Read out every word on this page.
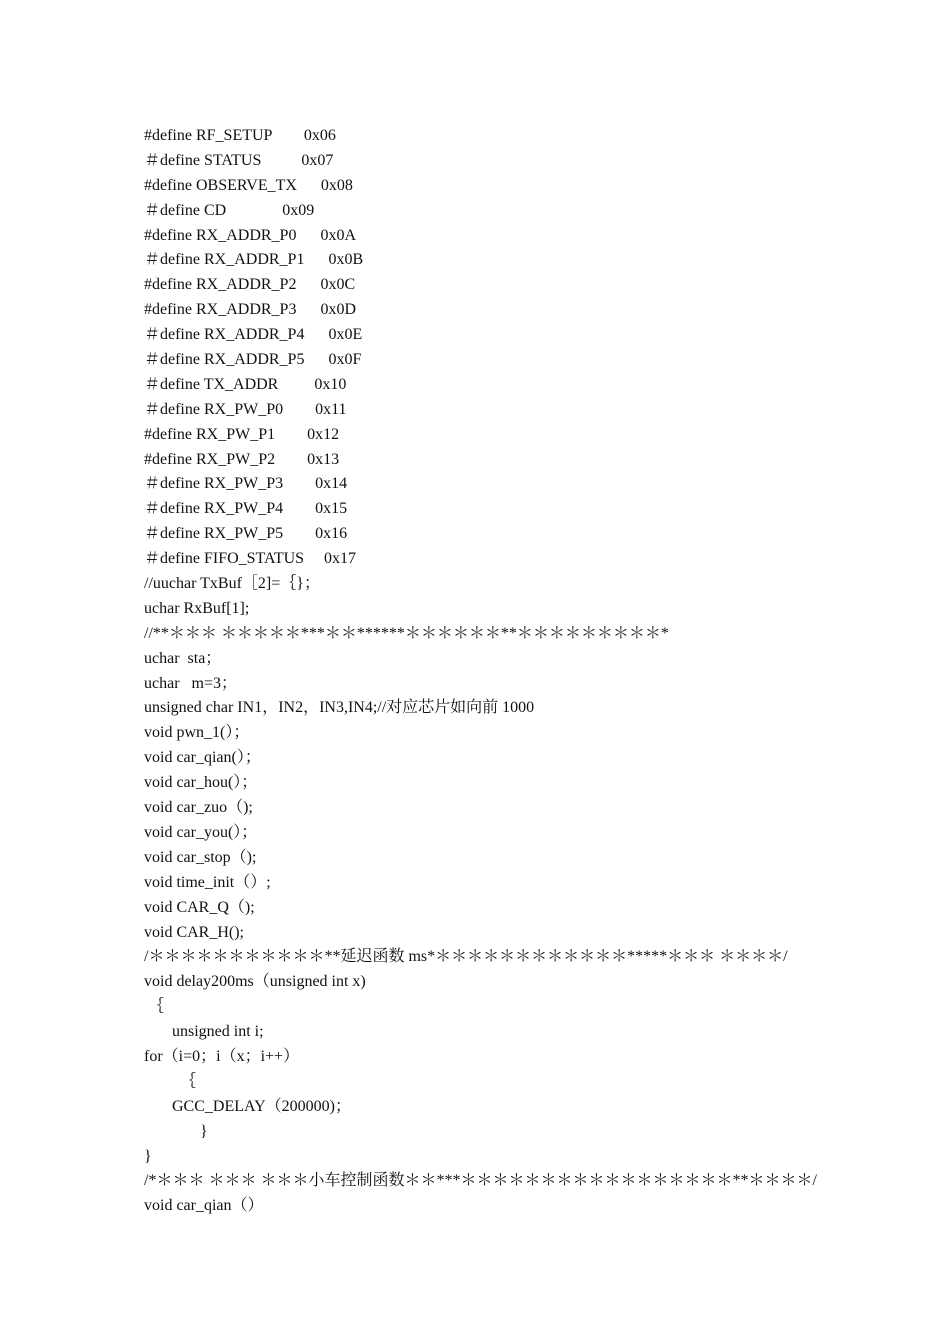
#define RF_SETUP        0x06
＃define STATUS          0x07
#define OBSERVE_TX      0x08
＃define CD              0x09
#define RX_ADDR_P0      0x0A
＃define RX_ADDR_P1      0x0B
#define RX_ADDR_P2      0x0C
#define RX_ADDR_P3      0x0D
＃define RX_ADDR_P4      0x0E
＃define RX_ADDR_P5      0x0F
＃define TX_ADDR         0x10
＃define RX_PW_P0        0x11
#define RX_PW_P1        0x12
#define RX_PW_P2        0x13
＃define RX_PW_P3        0x14
＃define RX_PW_P4        0x15
＃define RX_PW_P5        0x16
＃define FIFO_STATUS     0x17
//uuchar TxBuf［2]=｛}；
uchar RxBuf[1];
//**＊＊＊ ＊＊＊＊＊***＊＊******＊＊＊＊＊＊**＊＊＊＊＊＊＊＊＊*
uchar  sta；
uchar   m=3；
unsigned char IN1，IN2，IN3,IN4;//对应芯片如向前 1000
void pwn_1(）；
void car_qian(）；
void car_hou(）；
void car_zuo（);
void car_you(）；
void car_stop（);
void time_init（）;
void CAR_Q（);
void CAR_H();
/＊＊＊＊＊＊＊＊＊＊＊**延迟函数 ms*＊＊＊＊＊＊＊＊＊＊＊＊*****＊＊＊ ＊＊＊＊/
void delay200ms（unsigned int x)
｛
unsigned int i;
for（i=0；i（x；i++）
｛
GCC_DELAY（200000)；
}
}
/*＊＊＊ ＊＊＊ ＊＊＊小车控制函数＊＊***＊＊＊＊＊＊＊＊＊＊＊＊＊＊＊＊＊**＊＊＊＊/
void car_qian（）
